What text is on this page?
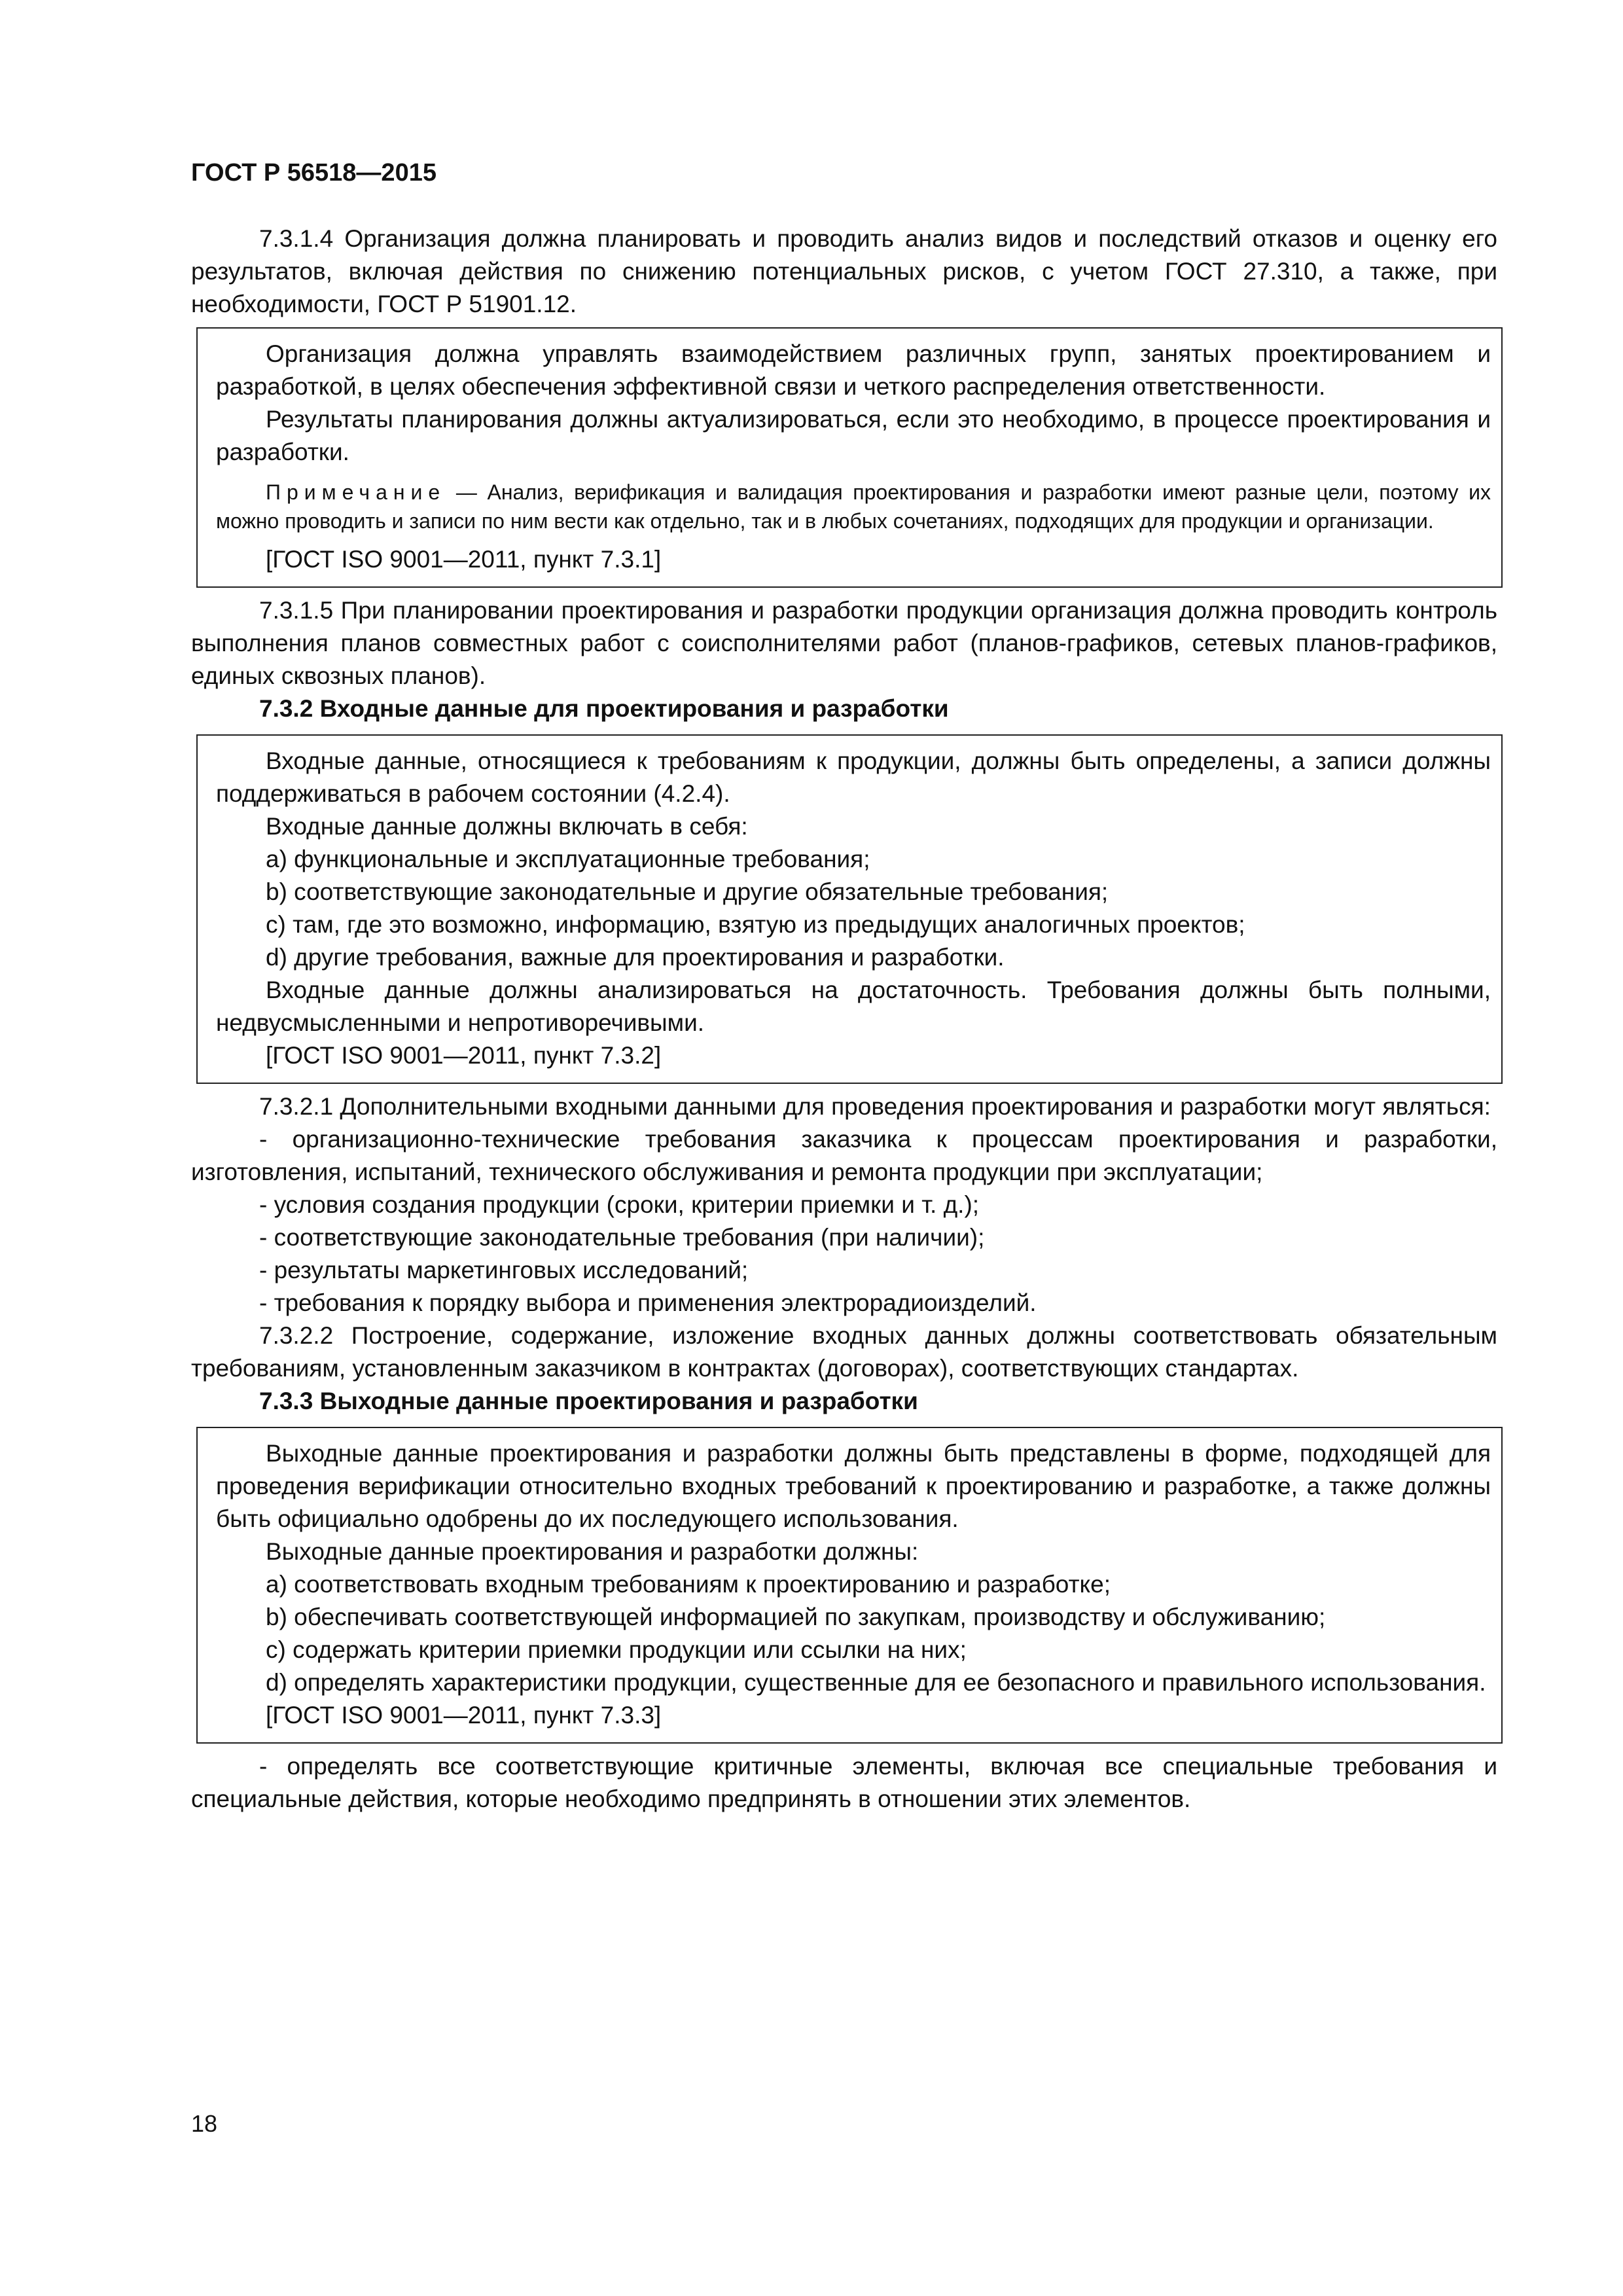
ГОСТ Р 56518—2015

7.3.1.4 Организация должна планировать и проводить анализ видов и последствий отказов и оценку его результатов, включая действия по снижению потенциальных рисков, с учетом ГОСТ 27.310, а также, при необходимости, ГОСТ Р 51901.12.

Организация должна управлять взаимодействием различных групп, занятых проектированием и разработкой, в целях обеспечения эффективной связи и четкого распределения ответственности.

Результаты планирования должны актуализироваться, если это необходимо, в процессе проектирования и разработки.

Примечание — Анализ, верификация и валидация проектирования и разработки имеют разные цели, поэтому их можно проводить и записи по ним вести как отдельно, так и в любых сочетаниях, подходящих для продукции и организации.

[ГОСТ ISO 9001—2011, пункт 7.3.1]

7.3.1.5 При планировании проектирования и разработки продукции организация должна проводить контроль выполнения планов совместных работ с соисполнителями работ (планов-графиков, сетевых планов-графиков, единых сквозных планов).

7.3.2 Входные данные для проектирования и разработки

Входные данные, относящиеся к требованиям к продукции, должны быть определены, а записи должны поддерживаться в рабочем состоянии (4.2.4).

Входные данные должны включать в себя:

a) функциональные и эксплуатационные требования;

b) соответствующие законодательные и другие обязательные требования;

c) там, где это возможно, информацию, взятую из предыдущих аналогичных проектов;

d) другие требования, важные для проектирования и разработки.

Входные данные должны анализироваться на достаточность. Требования должны быть полными, недвусмысленными и непротиворечивыми.

[ГОСТ ISO 9001—2011, пункт 7.3.2]

7.3.2.1 Дополнительными входными данными для проведения проектирования и разработки могут являться:

- организационно-технические требования заказчика к процессам проектирования и разработки, изготовления, испытаний, технического обслуживания и ремонта продукции при эксплуатации;

- условия создания продукции (сроки, критерии приемки и т. д.);

- соответствующие законодательные требования (при наличии);

- результаты маркетинговых исследований;

- требования к порядку выбора и применения электрорадиоизделий.

7.3.2.2 Построение, содержание, изложение входных данных должны соответствовать обязательным требованиям, установленным заказчиком в контрактах (договорах), соответствующих стандартах.

7.3.3 Выходные данные проектирования и разработки

Выходные данные проектирования и разработки должны быть представлены в форме, подходящей для проведения верификации относительно входных требований к проектированию и разработке, а также должны быть официально одобрены до их последующего использования.

Выходные данные проектирования и разработки должны:

a) соответствовать входным требованиям к проектированию и разработке;

b) обеспечивать соответствующей информацией по закупкам, производству и обслуживанию;

c) содержать критерии приемки продукции или ссылки на них;

d) определять характеристики продукции, существенные для ее безопасного и правильного использования.

[ГОСТ ISO 9001—2011, пункт 7.3.3]

- определять все соответствующие критичные элементы, включая все специальные требования и специальные действия, которые необходимо предпринять в отношении этих элементов.

18
